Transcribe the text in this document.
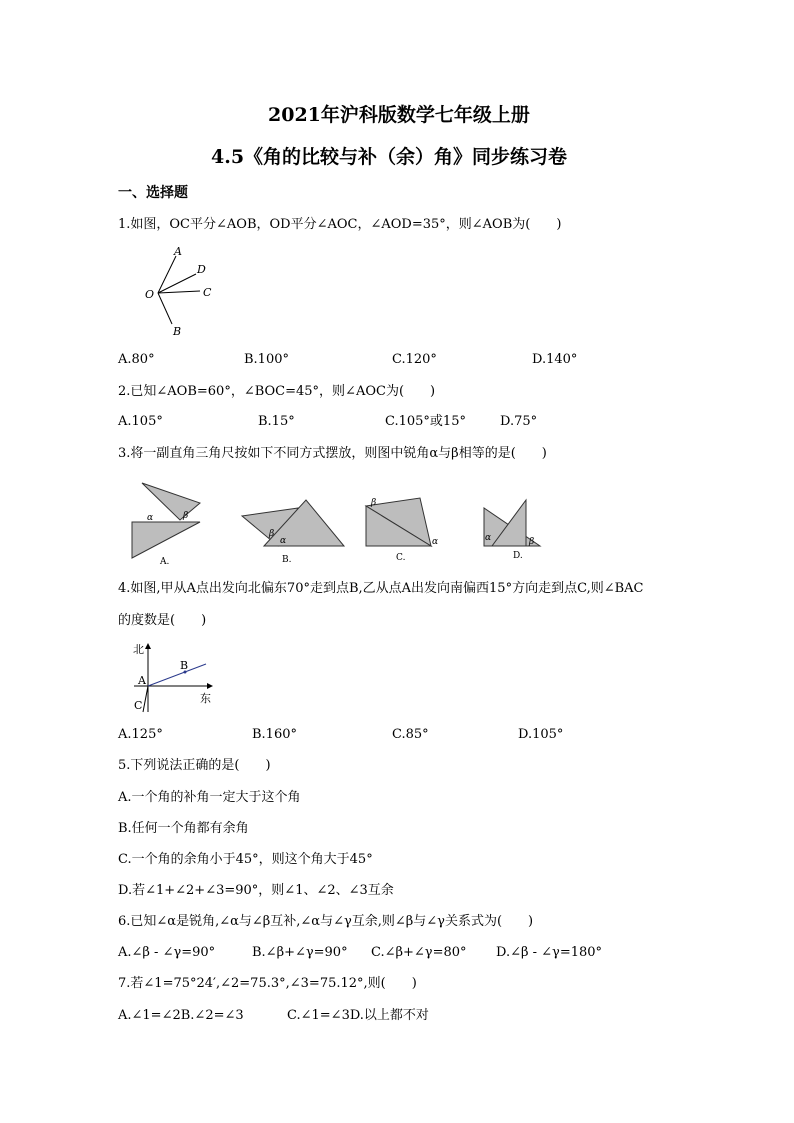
2021年沪科版数学七年级上册
4.5《角的比较与补（余）角》同步练习卷
一、选择题
1.如图，OC平分∠AOB，OD平分∠AOC，∠AOD=35°，则∠AOB为(　　)
O
A
D
C
B
A.80°	B.100°	C.120°	D.140°
2.已知∠AOB=60°，∠BOC=45°，则∠AOC为(　　)
A.105°	B.15°	C.105°或15°	D.75°
3.将一副直角三角尺按如下不同方式摆放，则图中锐角α与β相等的是(　　)
α	β
α
β
β
α	α	β
A.	B.	C.	D.
4.如图,甲从A点出发向北偏东70°走到点B,乙从点A出发向南偏西15°方向走到点C,则∠BAC
的度数是(　　)
北
东
A
B
C
A.125°	B.160°	C.85°	D.105°
5.下列说法正确的是(　　)
A.一个角的补角一定大于这个角
B.任何一个角都有余角
C.一个角的余角小于45°，则这个角大于45°
D.若∠1+∠2+∠3=90°，则∠1、∠2、∠3互余
6.已知∠α是锐角,∠α与∠β互补,∠α与∠γ互余,则∠β与∠γ关系式为(　　)
A.∠β - ∠γ=90°	B.∠β+∠γ=90° C.∠β+∠γ=80° D.∠β - ∠γ=180°
7.若∠1=75°24′,∠2=75.3°,∠3=75.12°,则(　　)
A.∠1=∠2B.∠2=∠3	C.∠1=∠3D.以上都不对
